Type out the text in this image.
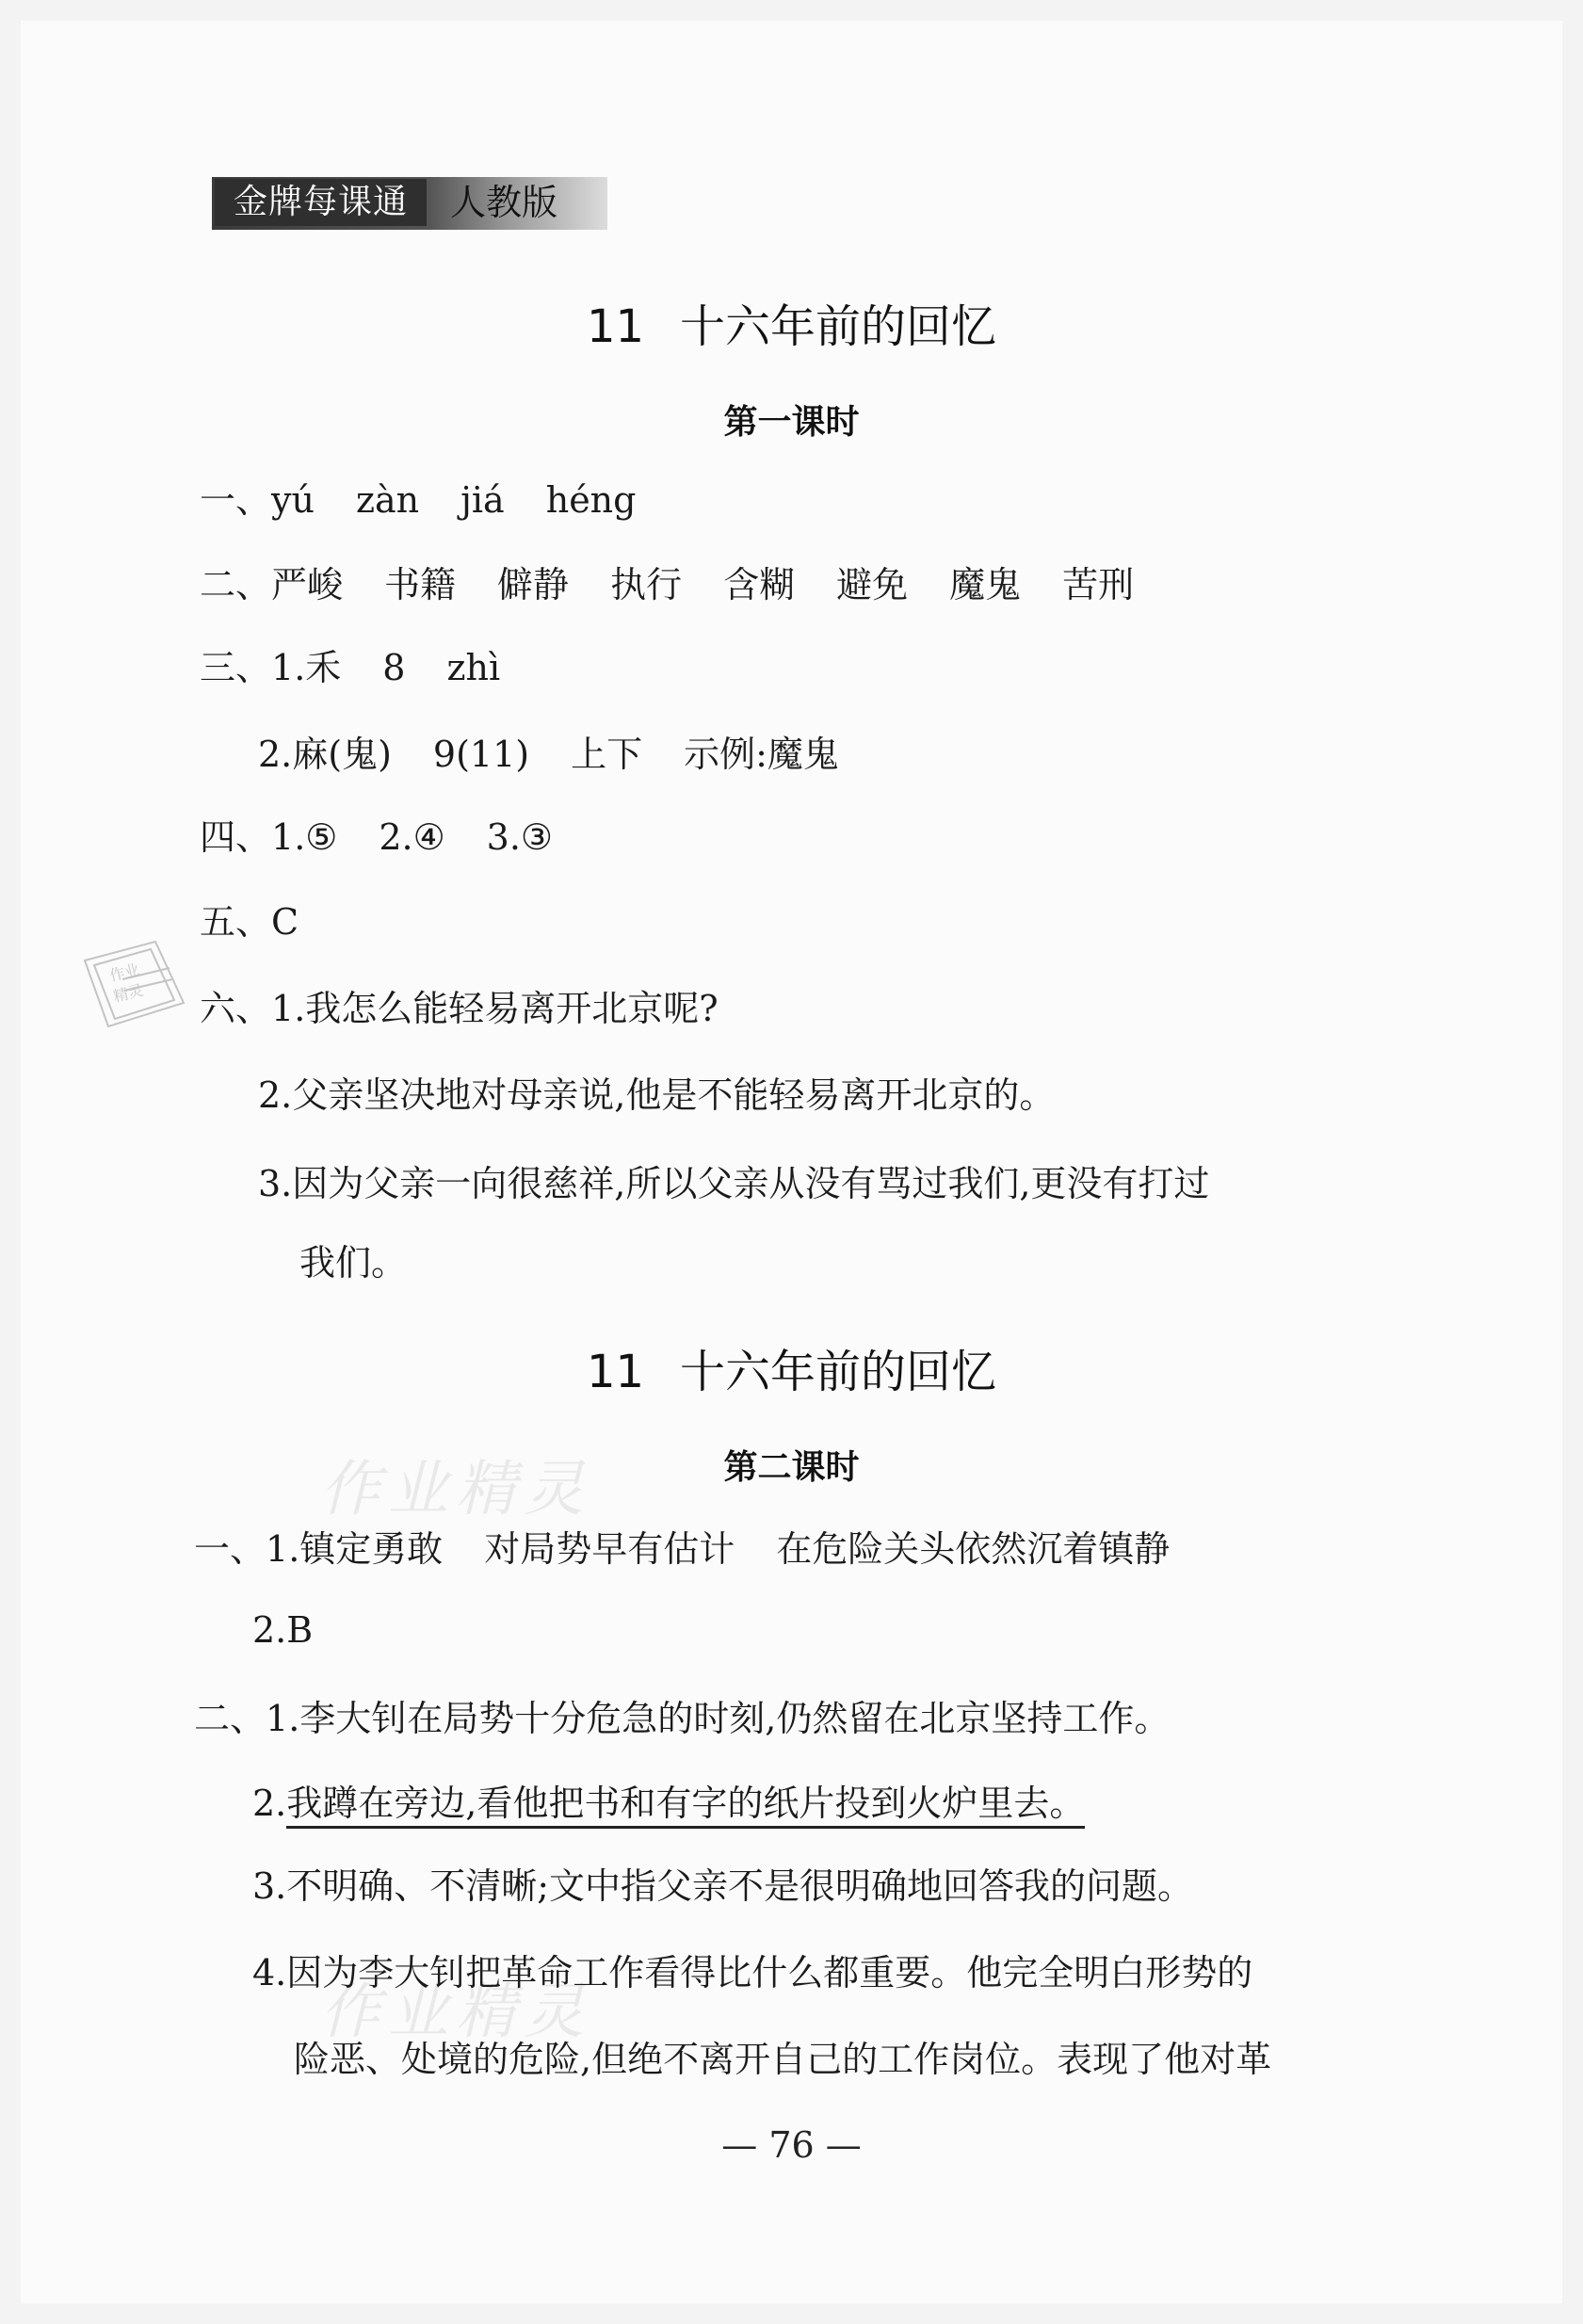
金牌每课通	人教版
作业
精灵
作业精灵
作业精灵
11 十六年前的回忆
第一课时
一、yú zàn jiá héng
二、严峻 书籍 僻静 执行 含糊 避免 魔鬼 苦刑
三、1.禾 8 zhì
2.麻(鬼) 9(11) 上下 示例:魔鬼
四、1.⑤ 2.④ 3.③
五、C
六、1.我怎么能轻易离开北京呢?
2.父亲坚决地对母亲说,他是不能轻易离开北京的。
3.因为父亲一向很慈祥,所以父亲从没有骂过我们,更没有打过
我们。
11 十六年前的回忆
第二课时
一、1.镇定勇敢 对局势早有估计 在危险关头依然沉着镇静
2.B
二、1.李大钊在局势十分危急的时刻,仍然留在北京坚持工作。
2.我蹲在旁边,看他把书和有字的纸片投到火炉里去。
3.不明确、不清晰;文中指父亲不是很明确地回答我的问题。
4.因为李大钊把革命工作看得比什么都重要。他完全明白形势的
险恶、处境的危险,但绝不离开自己的工作岗位。表现了他对革
— 76 —
